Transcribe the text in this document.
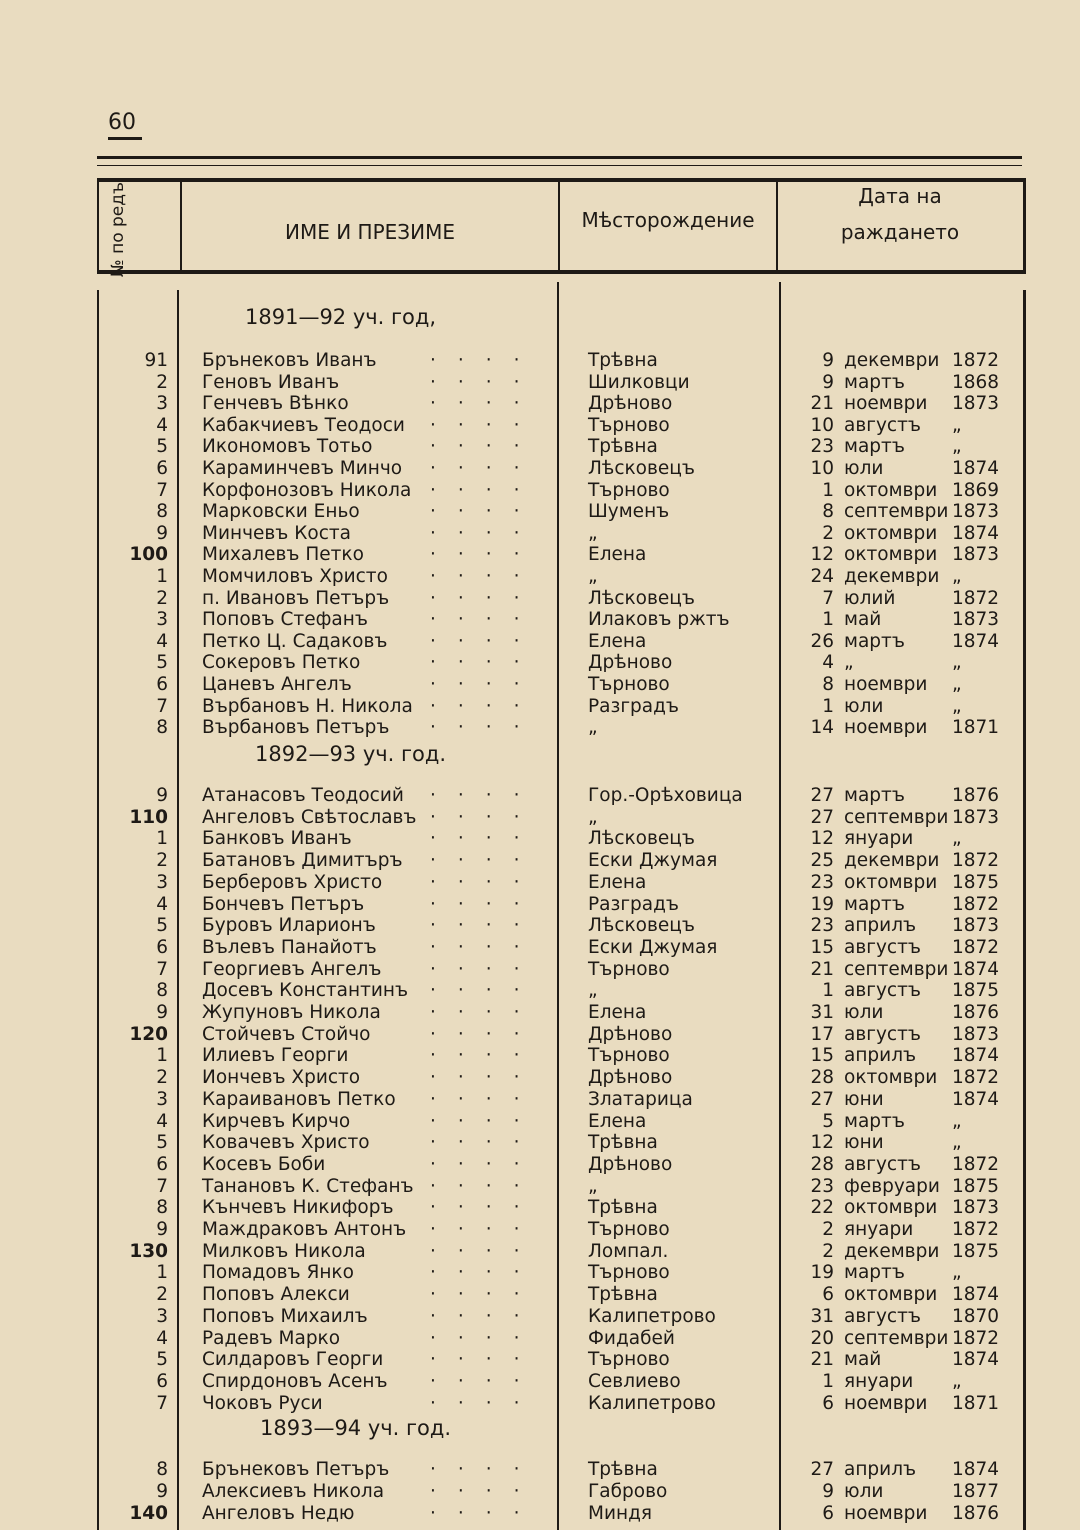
60
№ по редъ	ИМЕ И ПРЕЗИМЕ	Мѣсторождение
Дата на
раждането
1891—92 уч. год,
1892—93 уч. год.
1893—94 уч. год.
91 Брънековъ Иванъ	Трѣвна	9 декември 1872
····
2 Геновъ Иванъ	Шилковци	9 мартъ	1868
····
3 Генчевъ Вѣнко	Дрѣново	21 ноември 1873
····
4 Кабакчиевъ Теодоси	Търново	10 августъ „
····
5 Икономовъ Тотьо	Трѣвна	23 мартъ	„
····
6 Караминчевъ Минчо	Лѣсковецъ	10 юли	1874
····
7 Корфонозовъ Никола	Търново	1 октомври 1869
····
8 Марковски Еньо	Шуменъ	8 септември 1873
····
9 Минчевъ Коста	„	2 октомври 1874
····
100 Михалевъ Петко	Елена	12 октомври 1873
····
1 Момчиловъ Христо	„	24 декември „
····
2 п. Ивановъ Петъръ	Лѣсковецъ	7 юлий	1872
····
3 Поповъ Стефанъ	Илаковъ ржтъ	1 май	1873
····
4 Петко Ц. Садаковъ	Елена	26 мартъ	1874
····
5 Сокеровъ Петко	Дрѣново	4 „	„
····
6 Цаневъ Ангелъ	Търново	8 ноември „
····
7 Върбановъ Н. Никола	Разградъ	1 юли	„
····
8 Върбановъ Петъръ	„	14 ноември 1871
····
9 Атанасовъ Теодосий	Гор.-Орѣховица	27 мартъ	1876
····
110 Ангеловъ Свѣтославъ	„	27 септември 1873
····
1 Банковъ Иванъ	Лѣсковецъ	12 януари „
····
2 Батановъ Димитъръ	Ески Джумая	25 декември 1872
····
3 Берберовъ Христо	Елена	23 октомври 1875
····
4 Бончевъ Петъръ	Разградъ	19 мартъ	1872
····
5 Буровъ Илариoнъ	Лѣсковецъ	23 априлъ 1873
····
6 Вълевъ Панайотъ	Ески Джумая	15 августъ 1872
····
7 Георгиевъ Ангелъ	Търново	21 септември 1874
····
8 Досевъ Константинъ	„	1 августъ 1875
····
9 Жупуновъ Никола	Елена	31 юли	1876
····
120 Стойчевъ Стойчо	Дрѣново	17 августъ 1873
····
1 Илиевъ Георги	Търново	15 априлъ 1874
····
2 Иончевъ Христо	Дрѣново	28 октомври 1872
····
3 Караивановъ Петко	Златарица	27 юни	1874
····
4 Кирчевъ Кирчо	Елена	5 мартъ	„
····
5 Ковачевъ Христо	Трѣвна	12 юни	„
····
6 Косевъ Боби	Дрѣново	28 августъ 1872
····
7 Танановъ К. Стефанъ	„	23 февруари 1875
····
8 Кънчевъ Никифоръ	Трѣвна	22 октомври 1873
····
9 Маждраковъ Антонъ	Търново	2 януари 1872
····
130 Милковъ Никола	Ломпал.	2 декември 1875
····
1 Помадовъ Янко	Търново	19 мартъ	„
····
2 Поповъ Алекси	Трѣвна	6 октомври 1874
····
3 Поповъ Михаилъ	Калипетрово	31 августъ 1870
····
4 Радевъ Марко	Фидабей	20 септември 1872
····
5 Силдаровъ Георги	Търново	21 май	1874
····
6 Спирдоновъ Асенъ	Севлиево	1 януари „
····
7 Чоковъ Руси	Калипетрово	6 ноември 1871
····
8 Брънековъ Петъръ	Трѣвна	27 априлъ 1874
····
9 Алексиевъ Никола	Габрово	9 юли	1877
····
140 Ангеловъ Недю	Миндя	6 ноември 1876
····
